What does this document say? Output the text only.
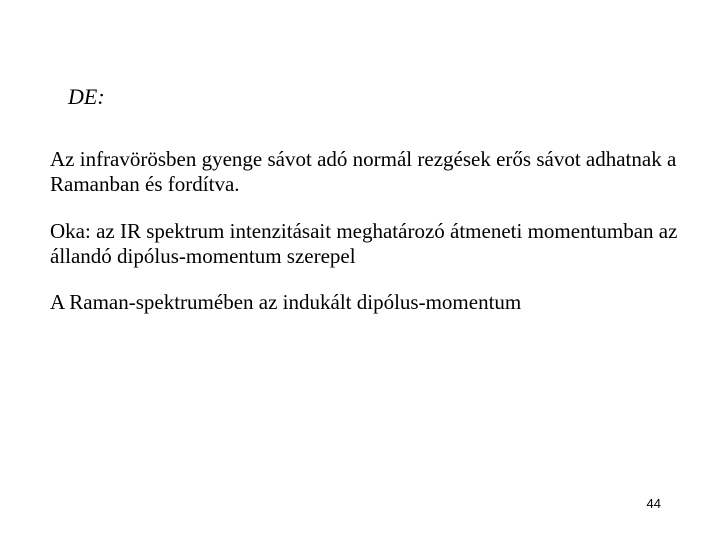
DE:
Az infravörösben gyenge sávot adó normál rezgések erős sávot adhatnak a Ramanban és fordítva.
Oka: az IR spektrum intenzitásait meghatározó átmeneti momentumban az állandó dipólus-momentum szerepel
A Raman-spektrumében az indukált dipólus-momentum
44
